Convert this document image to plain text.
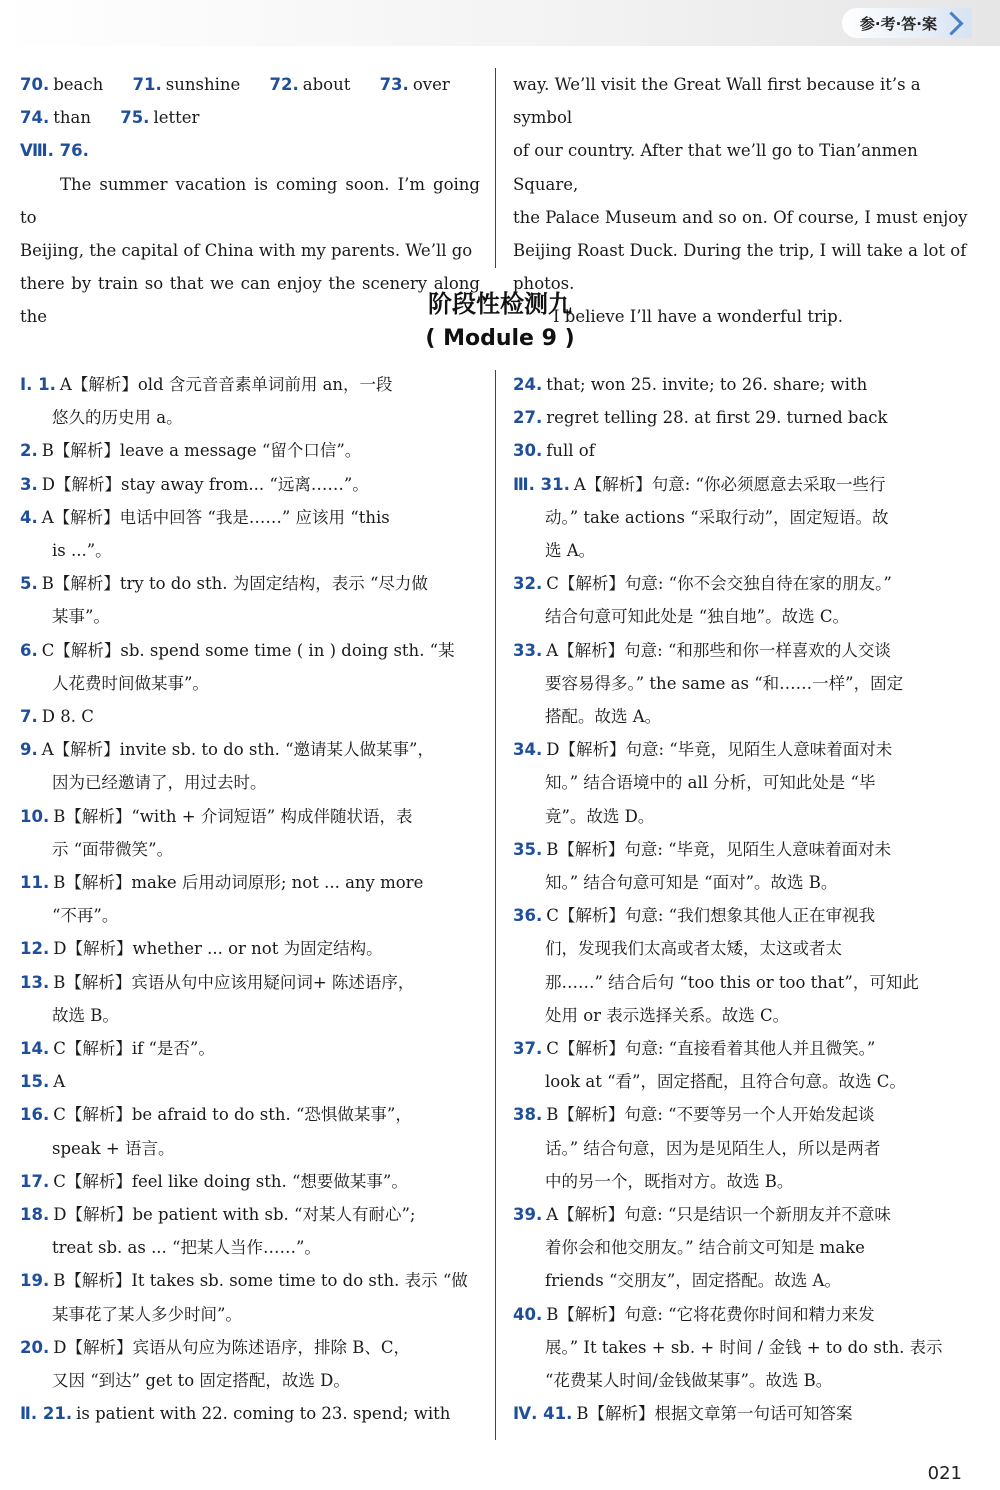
参·考·答·案

70. beach 71. sunshine 72. about 73. over

74. than 75. letter

Ⅷ. 76.

The summer vacation is coming soon. I’m going to

Beijing, the capital of China with my parents. We’ll go

there by train so that we can enjoy the scenery along the

way. We’ll visit the Great Wall first because it’s a symbol

of our country. After that we’ll go to Tian’anmen Square,

the Palace Museum and so on. Of course, I must enjoy

Beijing Roast Duck. During the trip, I will take a lot of

photos.

I believe I’ll have a wonderful trip.

阶段性检测九
( Module 9 )

Ⅰ. 1. A【解析】old 含元音音素单词前用 an，一段

悠久的历史用 a。

2. B【解析】leave a message “留个口信”。

3. D【解析】stay away from... “远离……”。

4. A【解析】电话中回答 “我是……” 应该用 “this

is ...”。

5. B【解析】try to do sth. 为固定结构，表示 “尽力做

某事”。

6. C【解析】sb. spend some time ( in ) doing sth. “某

人花费时间做某事”。

7. D 8. C

9. A【解析】invite sb. to do sth. “邀请某人做某事”，

因为已经邀请了，用过去时。

10. B【解析】“with + 介词短语” 构成伴随状语，表

示 “面带微笑”。

11. B【解析】make 后用动词原形; not ... any more

“不再”。

12. D【解析】whether ... or not 为固定结构。

13. B【解析】宾语从句中应该用疑问词+ 陈述语序，

故选 B。

14. C【解析】if “是否”。

15. A

16. C【解析】be afraid to do sth. “恐惧做某事”，

speak + 语言。

17. C【解析】feel like doing sth. “想要做某事”。

18. D【解析】be patient with sb. “对某人有耐心”;

treat sb. as ... “把某人当作……”。

19. B【解析】It takes sb. some time to do sth. 表示 “做

某事花了某人多少时间”。

20. D【解析】宾语从句应为陈述语序，排除 B、C，

又因 “到达” get to 固定搭配，故选 D。

Ⅱ. 21. is patient with 22. coming to 23. spend; with

24. that; won 25. invite; to 26. share; with

27. regret telling 28. at first 29. turned back

30. full of

Ⅲ. 31. A【解析】句意: “你必须愿意去采取一些行

动。” take actions “采取行动”，固定短语。故

选 A。

32. C【解析】句意: “你不会交独自待在家的朋友。”

结合句意可知此处是 “独自地”。故选 C。

33. A【解析】句意: “和那些和你一样喜欢的人交谈

要容易得多。” the same as “和……一样”，固定

搭配。故选 A。

34. D【解析】句意: “毕竟，见陌生人意味着面对未

知。” 结合语境中的 all 分析，可知此处是 “毕

竟”。故选 D。

35. B【解析】句意: “毕竟，见陌生人意味着面对未

知。” 结合句意可知是 “面对”。故选 B。

36. C【解析】句意: “我们想象其他人正在审视我

们，发现我们太高或者太矮，太这或者太

那……” 结合后句 “too this or too that”，可知此

处用 or 表示选择关系。故选 C。

37. C【解析】句意: “直接看着其他人并且微笑。”

look at “看”，固定搭配，且符合句意。故选 C。

38. B【解析】句意: “不要等另一个人开始发起谈

话。” 结合句意，因为是见陌生人，所以是两者

中的另一个，既指对方。故选 B。

39. A【解析】句意: “只是结识一个新朋友并不意味

着你会和他交朋友。” 结合前文可知是 make

friends “交朋友”，固定搭配。故选 A。

40. B【解析】句意: “它将花费你时间和精力来发

展。” It takes + sb. + 时间 / 金钱 + to do sth. 表示

“花费某人时间/金钱做某事”。故选 B。

Ⅳ. 41. B【解析】根据文章第一句话可知答案

021
